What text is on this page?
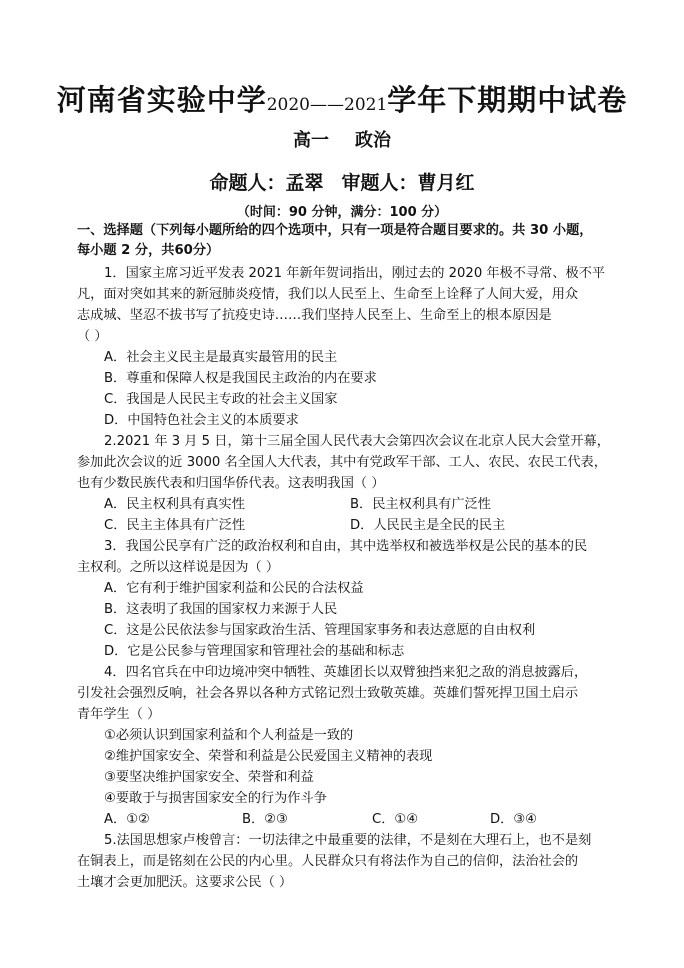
河南省实验中学2020——2021学年下期期中试卷
高一 政治
命题人：孟翠 审题人：曹月红
（时间：90 分钟，满分：100 分）
一、选择题（下列每小题所给的四个选项中，只有一项是符合题目要求的。共 30 小题，
每小题 2 分，共60分）
1．国家主席习近平发表 2021 年新年贺词指出，刚过去的 2020 年极不寻常、极不平
凡，面对突如其来的新冠肺炎疫情，我们以人民至上、生命至上诠释了人间大爱，用众
志成城、坚忍不拔书写了抗疫史诗……我们坚持人民至上、生命至上的根本原因是
（ ）
A．社会主义民主是最真实最管用的民主
B．尊重和保障人权是我国民主政治的内在要求
C．我国是人民民主专政的社会主义国家
D．中国特色社会主义的本质要求
2.2021 年 3 月 5 日，第十三届全国人民代表大会第四次会议在北京人民大会堂开幕，
参加此次会议的近 3000 名全国人大代表，其中有党政军干部、工人、农民、农民工代表，
也有少数民族代表和归国华侨代表。这表明我国（ ）
A．民主权利具有真实性	B．民主权利具有广泛性
C．民主主体具有广泛性	D．人民民主是全民的民主
3．我国公民享有广泛的政治权利和自由，其中选举权和被选举权是公民的基本的民
主权利。之所以这样说是因为（ ）
A．它有利于维护国家利益和公民的合法权益
B．这表明了我国的国家权力来源于人民
C．这是公民依法参与国家政治生活、管理国家事务和表达意愿的自由权利
D．它是公民参与管理国家和管理社会的基础和标志
4．四名官兵在中印边境冲突中牺牲、英雄团长以双臂独挡来犯之敌的消息披露后，
引发社会强烈反响，社会各界以各种方式铭记烈士致敬英雄。英雄们誓死捍卫国土启示
青年学生（ ）
①必须认识到国家利益和个人利益是一致的
②维护国家安全、荣誉和利益是公民爱国主义精神的表现
③要坚决维护国家安全、荣誉和利益
④要敢于与损害国家安全的行为作斗争
A．①②	B．②③	C．①④	D．③④
5.法国思想家卢梭曾言：一切法律之中最重要的法律，不是刻在大理石上，也不是刻
在铜表上，而是铭刻在公民的内心里。人民群众只有将法作为自己的信仰，法治社会的
土壤才会更加肥沃。这要求公民（ ）
